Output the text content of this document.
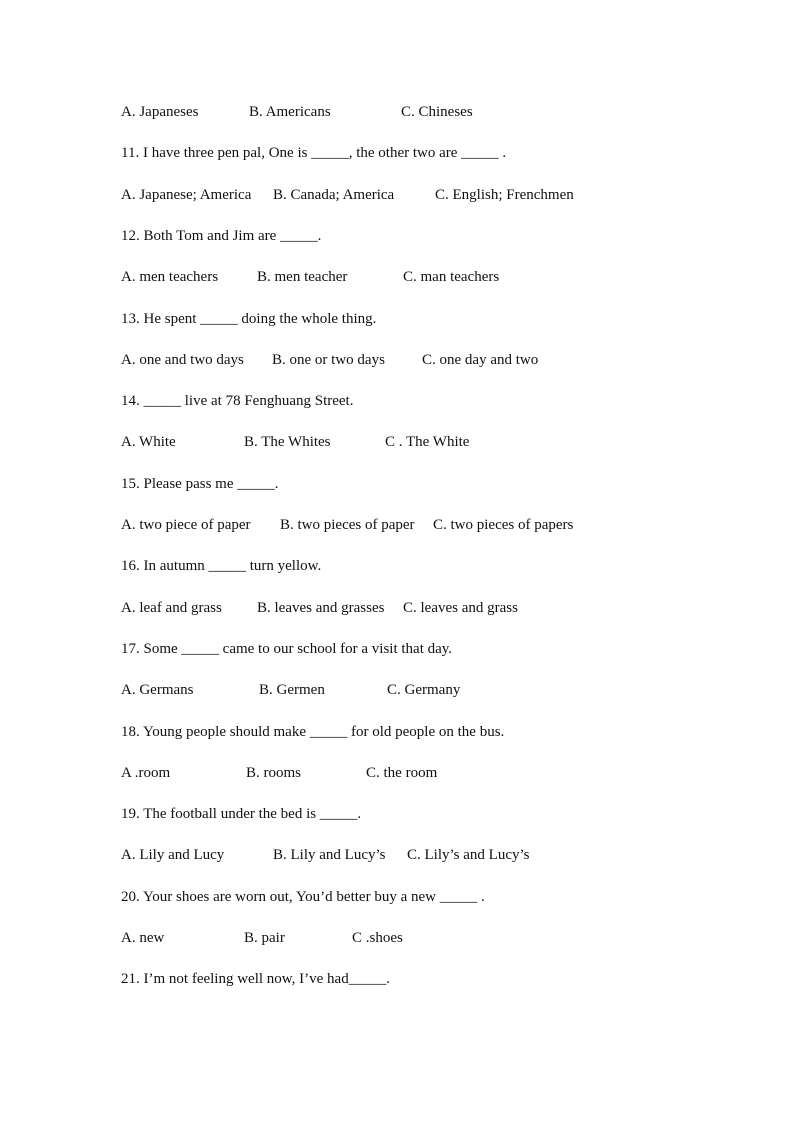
A. Japaneses	B. Americans	C. Chineses
11. I have three pen pal, One is _____, the other two are _____ .
A. Japanese; America B. Canada; America	C. English; Frenchmen
12. Both Tom and Jim are _____.
A. men teachers	B. men teacher	C. man teachers
13. He spent _____ doing the whole thing.
A. one and two days B. one or two days C. one day and two
14. _____ live at 78 Fenghuang Street.
A. White	B. The Whites	C . The White
15. Please pass me _____.
A. two piece of paper B. two pieces of paper C. two pieces of papers
16. In autumn _____ turn yellow.
A. leaf and grass B. leaves and grasses C. leaves and grass
17. Some _____ came to our school for a visit that day.
A. Germans	B. Germen	C. Germany
18. Young people should make _____ for old people on the bus.
A .room	B. rooms	C. the room
19. The football under the bed is _____.
A. Lily and Lucy	B. Lily and Lucy’s C. Lily’s and Lucy’s
20. Your shoes are worn out, You’d better buy a new _____ .
A. new	B. pair	C .shoes
21. I’m not feeling well now, I’ve had_____.
